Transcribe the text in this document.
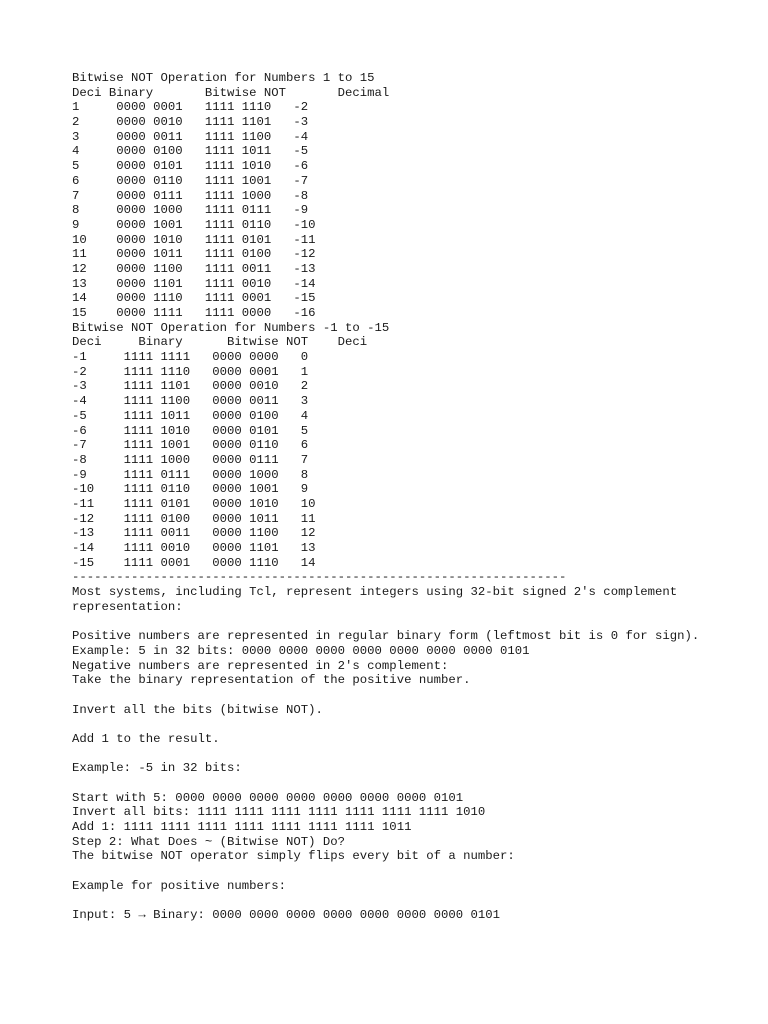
Bitwise NOT Operation for Numbers 1 to 15
Deci Binary       Bitwise NOT       Decimal
1     0000 0001   1111 1110   -2
2     0000 0010   1111 1101   -3
3     0000 0011   1111 1100   -4
4     0000 0100   1111 1011   -5
5     0000 0101   1111 1010   -6
6     0000 0110   1111 1001   -7
7     0000 0111   1111 1000   -8
8     0000 1000   1111 0111   -9
9     0000 1001   1111 0110   -10
10    0000 1010   1111 0101   -11
11    0000 1011   1111 0100   -12
12    0000 1100   1111 0011   -13
13    0000 1101   1111 0010   -14
14    0000 1110   1111 0001   -15
15    0000 1111   1111 0000   -16
Bitwise NOT Operation for Numbers -1 to -15
Deci     Binary      Bitwise NOT    Deci
-1     1111 1111   0000 0000   0
-2     1111 1110   0000 0001   1
-3     1111 1101   0000 0010   2
-4     1111 1100   0000 0011   3
-5     1111 1011   0000 0100   4
-6     1111 1010   0000 0101   5
-7     1111 1001   0000 0110   6
-8     1111 1000   0000 0111   7
-9     1111 0111   0000 1000   8
-10    1111 0110   0000 1001   9
-11    1111 0101   0000 1010   10
-12    1111 0100   0000 1011   11
-13    1111 0011   0000 1100   12
-14    1111 0010   0000 1101   13
-15    1111 0001   0000 1110   14
-------------------------------------------------------------------
Most systems, including Tcl, represent integers using 32-bit signed 2's complement representation:
Positive numbers are represented in regular binary form (leftmost bit is 0 for sign).
Example: 5 in 32 bits: 0000 0000 0000 0000 0000 0000 0000 0101
Negative numbers are represented in 2's complement:
Take the binary representation of the positive number.
Invert all the bits (bitwise NOT).
Add 1 to the result.
Example: -5 in 32 bits:
Start with 5: 0000 0000 0000 0000 0000 0000 0000 0101
Invert all bits: 1111 1111 1111 1111 1111 1111 1111 1010
Add 1: 1111 1111 1111 1111 1111 1111 1111 1011
Step 2: What Does ~ (Bitwise NOT) Do?
The bitwise NOT operator simply flips every bit of a number:
Example for positive numbers:
Input: 5 → Binary: 0000 0000 0000 0000 0000 0000 0000 0101
